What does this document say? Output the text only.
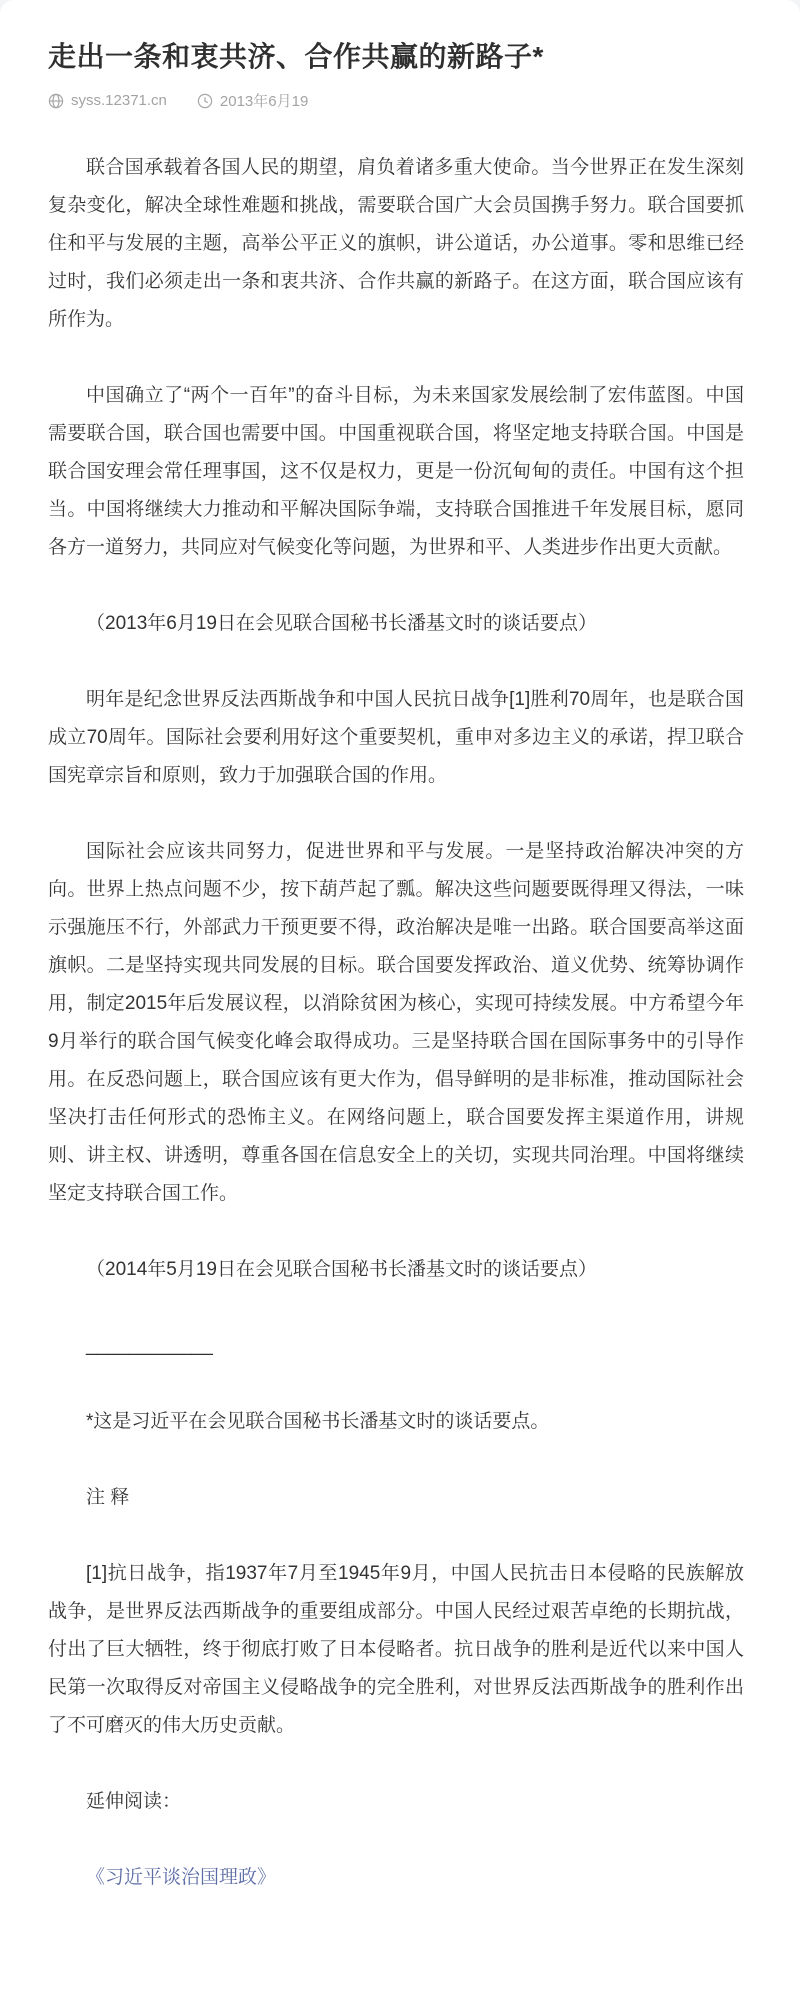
走出一条和衷共济、合作共赢的新路子*
syss.12371.cn	2013年6月19

联合国承载着各国人民的期望，肩负着诸多重大使命。当今世界正在发生深刻复杂变化，解决全球性难题和挑战，需要联合国广大会员国携手努力。联合国要抓住和平与发展的主题，高举公平正义的旗帜，讲公道话，办公道事。零和思维已经过时，我们必须走出一条和衷共济、合作共赢的新路子。在这方面，联合国应该有所作为。

中国确立了“两个一百年”的奋斗目标，为未来国家发展绘制了宏伟蓝图。中国需要联合国，联合国也需要中国。中国重视联合国，将坚定地支持联合国。中国是联合国安理会常任理事国，这不仅是权力，更是一份沉甸甸的责任。中国有这个担当。中国将继续大力推动和平解决国际争端，支持联合国推进千年发展目标，愿同各方一道努力，共同应对气候变化等问题，为世界和平、人类进步作出更大贡献。

（2013年6月19日在会见联合国秘书长潘基文时的谈话要点）

明年是纪念世界反法西斯战争和中国人民抗日战争[1]胜利70周年，也是联合国成立70周年。国际社会要利用好这个重要契机，重申对多边主义的承诺，捍卫联合国宪章宗旨和原则，致力于加强联合国的作用。

国际社会应该共同努力，促进世界和平与发展。一是坚持政治解决冲突的方向。世界上热点问题不少，按下葫芦起了瓢。解决这些问题要既得理又得法，一味示强施压不行，外部武力干预更要不得，政治解决是唯一出路。联合国要高举这面旗帜。二是坚持实现共同发展的目标。联合国要发挥政治、道义优势、统筹协调作用，制定2015年后发展议程，以消除贫困为核心，实现可持续发展。中方希望今年9月举行的联合国气候变化峰会取得成功。三是坚持联合国在国际事务中的引导作用。在反恐问题上，联合国应该有更大作为，倡导鲜明的是非标准，推动国际社会坚决打击任何形式的恐怖主义。在网络问题上，联合国要发挥主渠道作用，讲规则、讲主权、讲透明，尊重各国在信息安全上的关切，实现共同治理。中国将继续坚定支持联合国工作。

（2014年5月19日在会见联合国秘书长潘基文时的谈话要点）

____________

*这是习近平在会见联合国秘书长潘基文时的谈话要点。

注 释

[1]抗日战争，指1937年7月至1945年9月，中国人民抗击日本侵略的民族解放战争，是世界反法西斯战争的重要组成部分。中国人民经过艰苦卓绝的长期抗战，付出了巨大牺牲，终于彻底打败了日本侵略者。抗日战争的胜利是近代以来中国人民第一次取得反对帝国主义侵略战争的完全胜利，对世界反法西斯战争的胜利作出了不可磨灭的伟大历史贡献。

延伸阅读：

《习近平谈治国理政》
